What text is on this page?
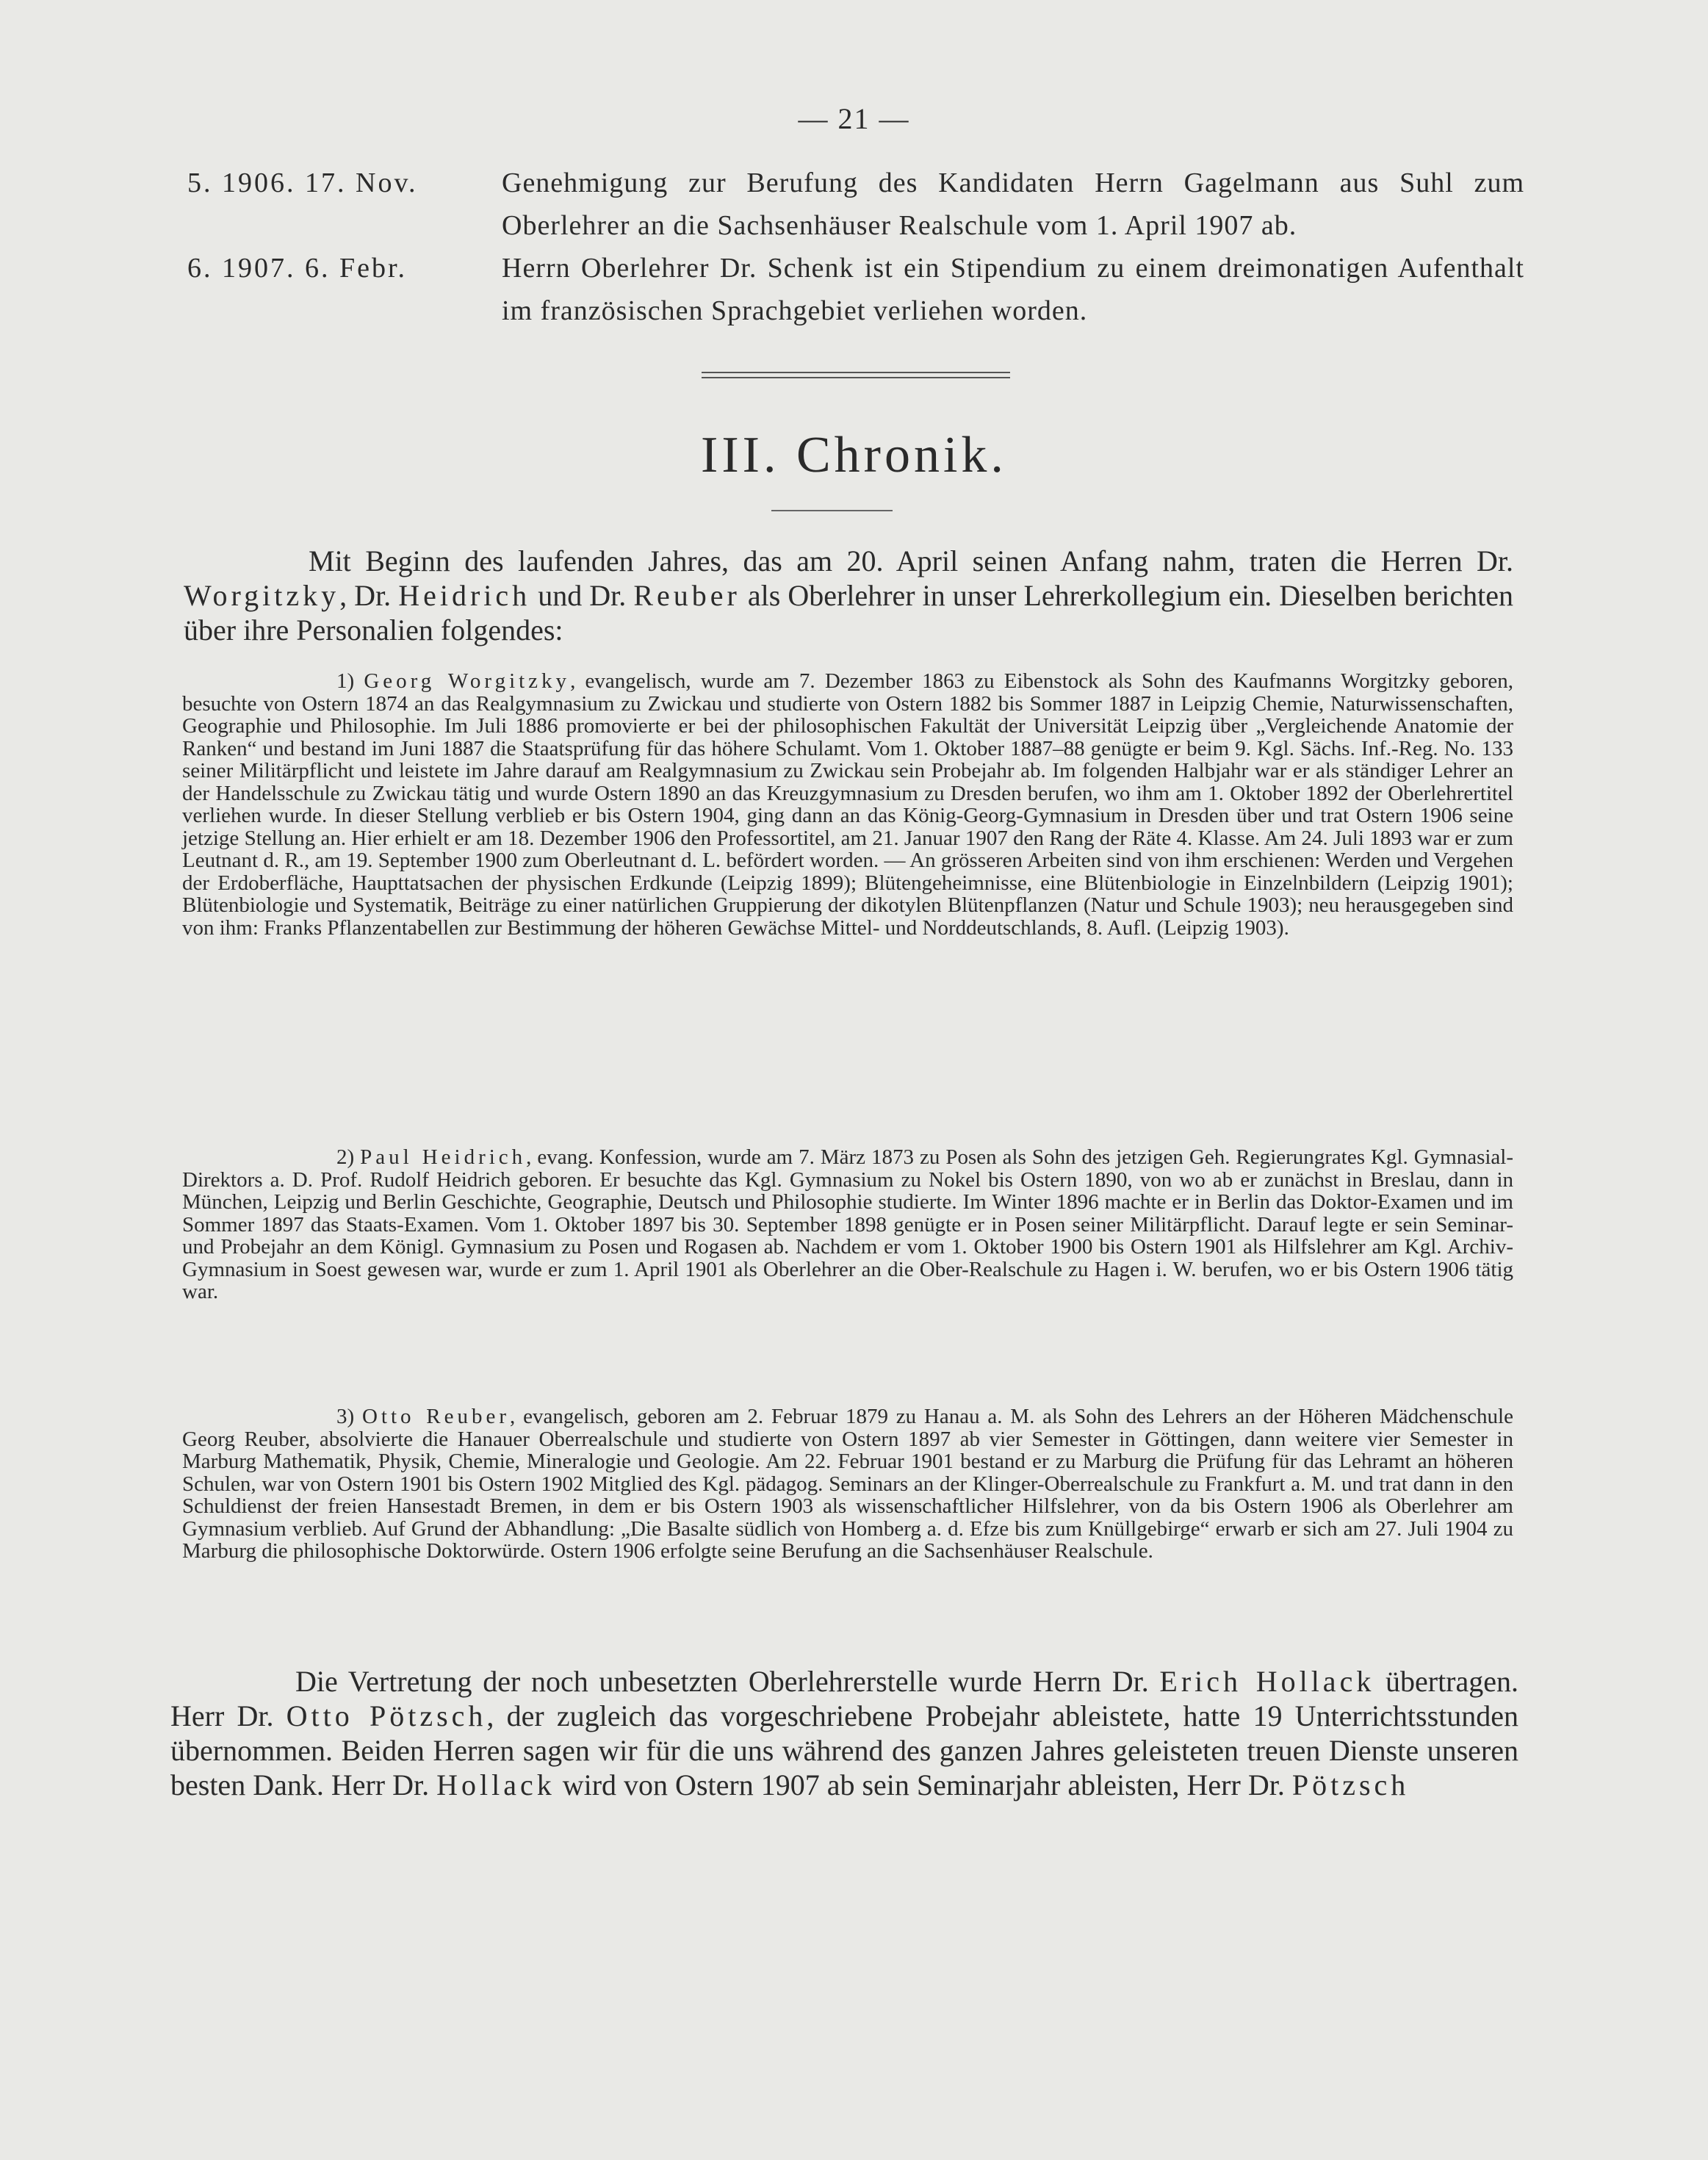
— 21 —
5. 1906. 17. Nov.	Genehmigung zur Berufung des Kandidaten Herrn Gagelmann aus Suhl zum Oberlehrer an die Sachsenhäuser Realschule vom 1. April 1907 ab.
6. 1907. 6. Febr.	Herrn Oberlehrer Dr. Schenk ist ein Stipendium zu einem dreimonatigen Aufenthalt im französischen Sprachgebiet verliehen worden.
III. Chronik.

Mit Beginn des laufenden Jahres, das am 20. April seinen Anfang nahm, traten die Herren Dr. Worgitzky, Dr. Heidrich und Dr. Reuber als Oberlehrer in unser Lehrerkollegium ein. Dieselben berichten über ihre Personalien folgendes:

1) Georg Worgitzky, evangelisch, wurde am 7. Dezember 1863 zu Eibenstock als Sohn des Kaufmanns Worgitzky geboren, besuchte von Ostern 1874 an das Realgymnasium zu Zwickau und studierte von Ostern 1882 bis Sommer 1887 in Leipzig Chemie, Naturwissenschaften, Geographie und Philosophie. Im Juli 1886 promovierte er bei der philosophischen Fakultät der Universität Leipzig über „Vergleichende Anatomie der Ranken“ und bestand im Juni 1887 die Staatsprüfung für das höhere Schulamt. Vom 1. Oktober 1887–88 genügte er beim 9. Kgl. Sächs. Inf.-Reg. No. 133 seiner Militärpflicht und leistete im Jahre darauf am Realgymnasium zu Zwickau sein Probejahr ab. Im folgenden Halbjahr war er als ständiger Lehrer an der Handelsschule zu Zwickau tätig und wurde Ostern 1890 an das Kreuzgymnasium zu Dresden berufen, wo ihm am 1. Oktober 1892 der Oberlehrertitel verliehen wurde. In dieser Stellung verblieb er bis Ostern 1904, ging dann an das König-Georg-Gymnasium in Dresden über und trat Ostern 1906 seine jetzige Stellung an. Hier erhielt er am 18. Dezember 1906 den Professortitel, am 21. Januar 1907 den Rang der Räte 4. Klasse. Am 24. Juli 1893 war er zum Leutnant d. R., am 19. September 1900 zum Oberleutnant d. L. befördert worden. — An grösseren Arbeiten sind von ihm erschienen: Werden und Vergehen der Erdoberfläche, Haupttatsachen der physischen Erdkunde (Leipzig 1899); Blütengeheimnisse, eine Blütenbiologie in Einzelnbildern (Leipzig 1901); Blütenbiologie und Systematik, Beiträge zu einer natürlichen Gruppierung der dikotylen Blütenpflanzen (Natur und Schule 1903); neu herausgegeben sind von ihm: Franks Pflanzentabellen zur Bestimmung der höheren Gewächse Mittel- und Norddeutschlands, 8. Aufl. (Leipzig 1903).

2) Paul Heidrich, evang. Konfession, wurde am 7. März 1873 zu Posen als Sohn des jetzigen Geh. Regierungrates Kgl. Gymnasial-Direktors a. D. Prof. Rudolf Heidrich geboren. Er besuchte das Kgl. Gymnasium zu Nokel bis Ostern 1890, von wo ab er zunächst in Breslau, dann in München, Leipzig und Berlin Geschichte, Geographie, Deutsch und Philosophie studierte. Im Winter 1896 machte er in Berlin das Doktor-Examen und im Sommer 1897 das Staats-Examen. Vom 1. Oktober 1897 bis 30. September 1898 genügte er in Posen seiner Militärpflicht. Darauf legte er sein Seminar- und Probejahr an dem Königl. Gymnasium zu Posen und Rogasen ab. Nachdem er vom 1. Oktober 1900 bis Ostern 1901 als Hilfslehrer am Kgl. Archiv-Gymnasium in Soest gewesen war, wurde er zum 1. April 1901 als Oberlehrer an die Ober-Realschule zu Hagen i. W. berufen, wo er bis Ostern 1906 tätig war.

3) Otto Reuber, evangelisch, geboren am 2. Februar 1879 zu Hanau a. M. als Sohn des Lehrers an der Höheren Mädchenschule Georg Reuber, absolvierte die Hanauer Oberrealschule und studierte von Ostern 1897 ab vier Semester in Göttingen, dann weitere vier Semester in Marburg Mathematik, Physik, Chemie, Mineralogie und Geologie. Am 22. Februar 1901 bestand er zu Marburg die Prüfung für das Lehramt an höheren Schulen, war von Ostern 1901 bis Ostern 1902 Mitglied des Kgl. pädagog. Seminars an der Klinger-Oberrealschule zu Frankfurt a. M. und trat dann in den Schuldienst der freien Hansestadt Bremen, in dem er bis Ostern 1903 als wissenschaftlicher Hilfslehrer, von da bis Ostern 1906 als Oberlehrer am Gymnasium verblieb. Auf Grund der Abhandlung: „Die Basalte südlich von Homberg a. d. Efze bis zum Knüllgebirge“ erwarb er sich am 27. Juli 1904 zu Marburg die philosophische Doktorwürde. Ostern 1906 erfolgte seine Berufung an die Sachsenhäuser Realschule.

Die Vertretung der noch unbesetzten Oberlehrerstelle wurde Herrn Dr. Erich Hollack übertragen. Herr Dr. Otto Pötzsch, der zugleich das vorgeschriebene Probejahr ableistete, hatte 19 Unterrichtsstunden übernommen. Beiden Herren sagen wir für die uns während des ganzen Jahres geleisteten treuen Dienste unseren besten Dank. Herr Dr. Hollack wird von Ostern 1907 ab sein Seminarjahr ableisten, Herr Dr. Pötzsch
